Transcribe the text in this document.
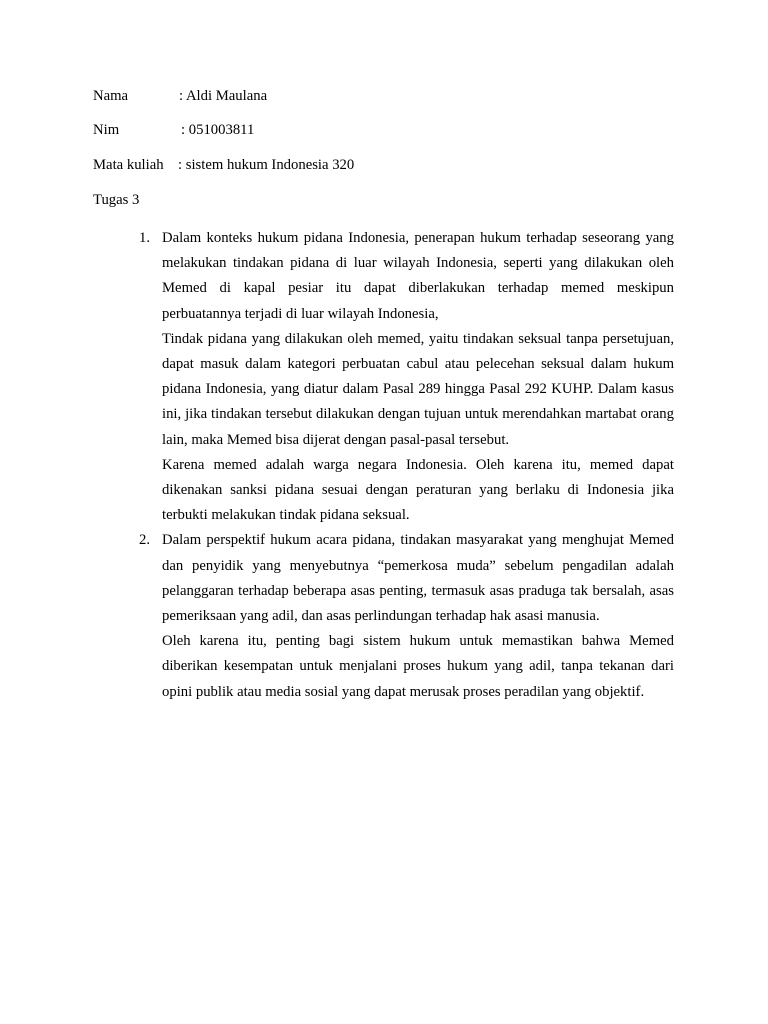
Nama	: Aldi Maulana
Nim	: 051003811
Mata kuliah : sistem hukum Indonesia 320
Tugas 3
1. Dalam konteks hukum pidana Indonesia, penerapan hukum terhadap seseorang yang melakukan tindakan pidana di luar wilayah Indonesia, seperti yang dilakukan oleh Memed di kapal pesiar itu dapat diberlakukan terhadap memed meskipun perbuatannya terjadi di luar wilayah Indonesia,

Tindak pidana yang dilakukan oleh memed, yaitu tindakan seksual tanpa persetujuan, dapat masuk dalam kategori perbuatan cabul atau pelecehan seksual dalam hukum pidana Indonesia, yang diatur dalam Pasal 289 hingga Pasal 292 KUHP. Dalam kasus ini, jika tindakan tersebut dilakukan dengan tujuan untuk merendahkan martabat orang lain, maka Memed bisa dijerat dengan pasal-pasal tersebut.

Karena memed adalah warga negara Indonesia. Oleh karena itu, memed dapat dikenakan sanksi pidana sesuai dengan peraturan yang berlaku di Indonesia jika terbukti melakukan tindak pidana seksual.

2. Dalam perspektif hukum acara pidana, tindakan masyarakat yang menghujat Memed dan penyidik yang menyebutnya “pemerkosa muda” sebelum pengadilan adalah pelanggaran terhadap beberapa asas penting, termasuk asas praduga tak bersalah, asas pemeriksaan yang adil, dan asas perlindungan terhadap hak asasi manusia.

Oleh karena itu, penting bagi sistem hukum untuk memastikan bahwa Memed diberikan kesempatan untuk menjalani proses hukum yang adil, tanpa tekanan dari opini publik atau media sosial yang dapat merusak proses peradilan yang objektif.
